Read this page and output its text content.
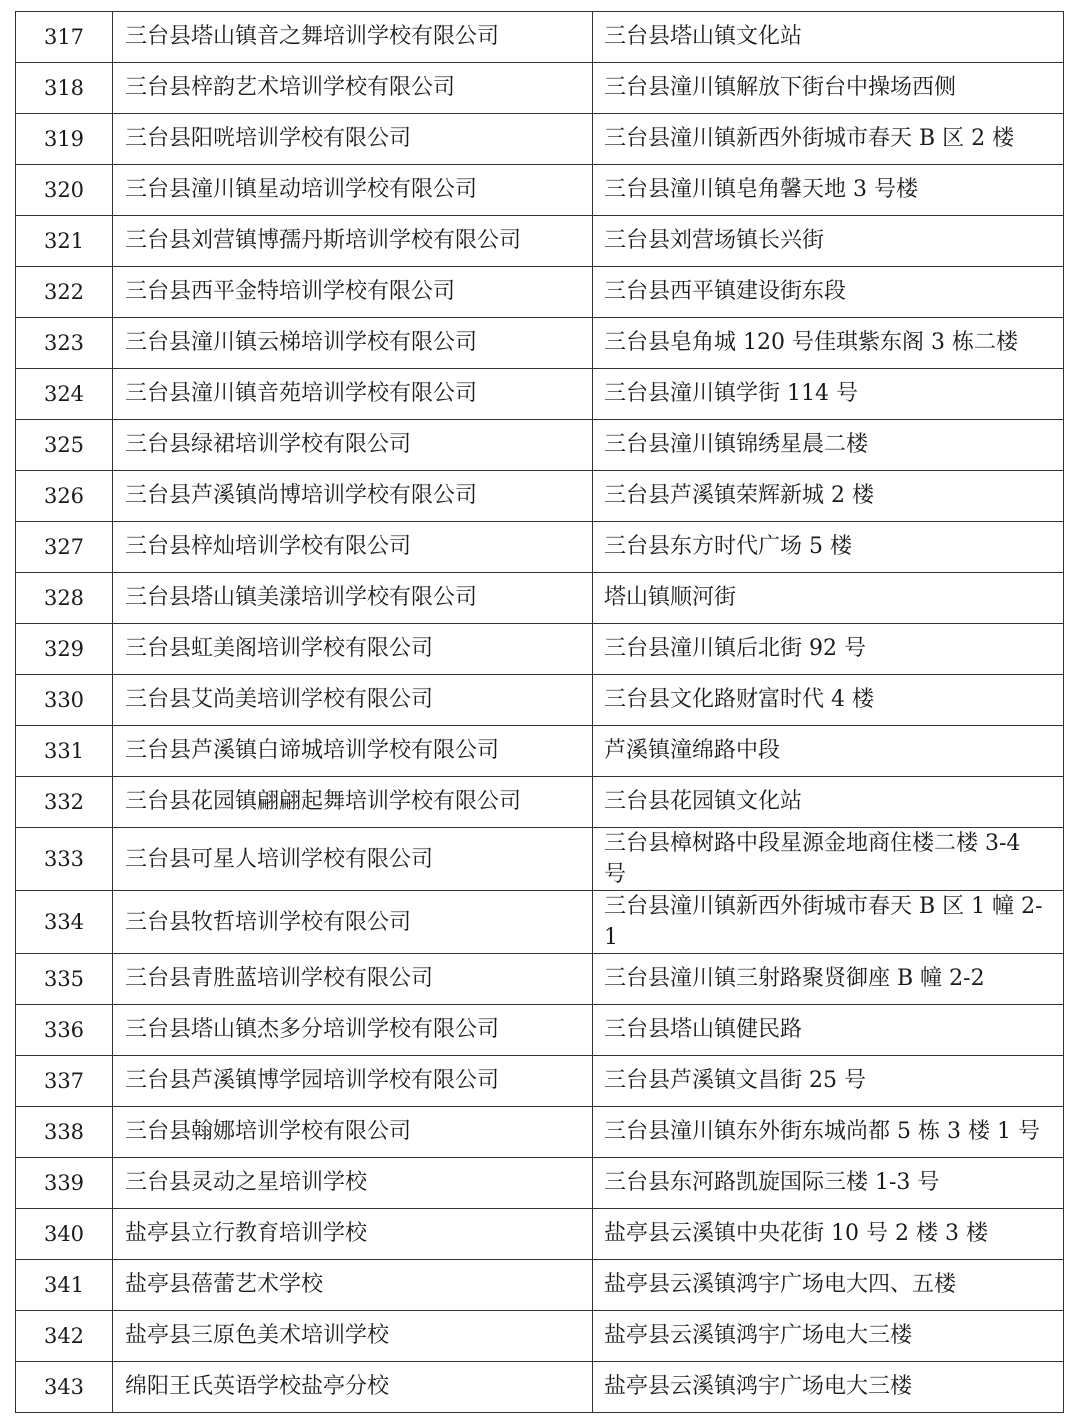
317	三台县塔山镇音之舞培训学校有限公司	三台县塔山镇文化站
318	三台县梓韵艺术培训学校有限公司	三台县潼川镇解放下街台中操场西侧
319	三台县阳咣培训学校有限公司	三台县潼川镇新西外街城市春天 B 区 2 楼
320	三台县潼川镇星动培训学校有限公司	三台县潼川镇皂角馨天地 3 号楼
321	三台县刘营镇博孺丹斯培训学校有限公司	三台县刘营场镇长兴街
322	三台县西平金特培训学校有限公司	三台县西平镇建设街东段
323	三台县潼川镇云梯培训学校有限公司	三台县皂角城 120 号佳琪紫东阁 3 栋二楼
324	三台县潼川镇音苑培训学校有限公司	三台县潼川镇学街 114 号
325	三台县绿裙培训学校有限公司	三台县潼川镇锦绣星晨二楼
326	三台县芦溪镇尚博培训学校有限公司	三台县芦溪镇荣辉新城 2 楼
327	三台县梓灿培训学校有限公司	三台县东方时代广场 5 楼
328	三台县塔山镇美漾培训学校有限公司	塔山镇顺河街
329	三台县虹美阁培训学校有限公司	三台县潼川镇后北街 92 号
330	三台县艾尚美培训学校有限公司	三台县文化路财富时代 4 楼
331	三台县芦溪镇白谛城培训学校有限公司	芦溪镇潼绵路中段
332	三台县花园镇翩翩起舞培训学校有限公司	三台县花园镇文化站
333	三台县可星人培训学校有限公司	三台县樟树路中段星源金地商住楼二楼 3-4 号
334	三台县牧哲培训学校有限公司	三台县潼川镇新西外街城市春天 B 区 1 幢 2-1
335	三台县青胜蓝培训学校有限公司	三台县潼川镇三射路聚贤御座 B 幢 2-2
336	三台县塔山镇杰多分培训学校有限公司	三台县塔山镇健民路
337	三台县芦溪镇博学园培训学校有限公司	三台县芦溪镇文昌街 25 号
338	三台县翰娜培训学校有限公司	三台县潼川镇东外街东城尚都 5 栋 3 楼 1 号
339	三台县灵动之星培训学校	三台县东河路凯旋国际三楼 1-3 号
340	盐亭县立行教育培训学校	盐亭县云溪镇中央花街 10 号 2 楼 3 楼
341	盐亭县蓓蕾艺术学校	盐亭县云溪镇鸿宇广场电大四、五楼
342	盐亭县三原色美术培训学校	盐亭县云溪镇鸿宇广场电大三楼
343	绵阳王氏英语学校盐亭分校	盐亭县云溪镇鸿宇广场电大三楼
